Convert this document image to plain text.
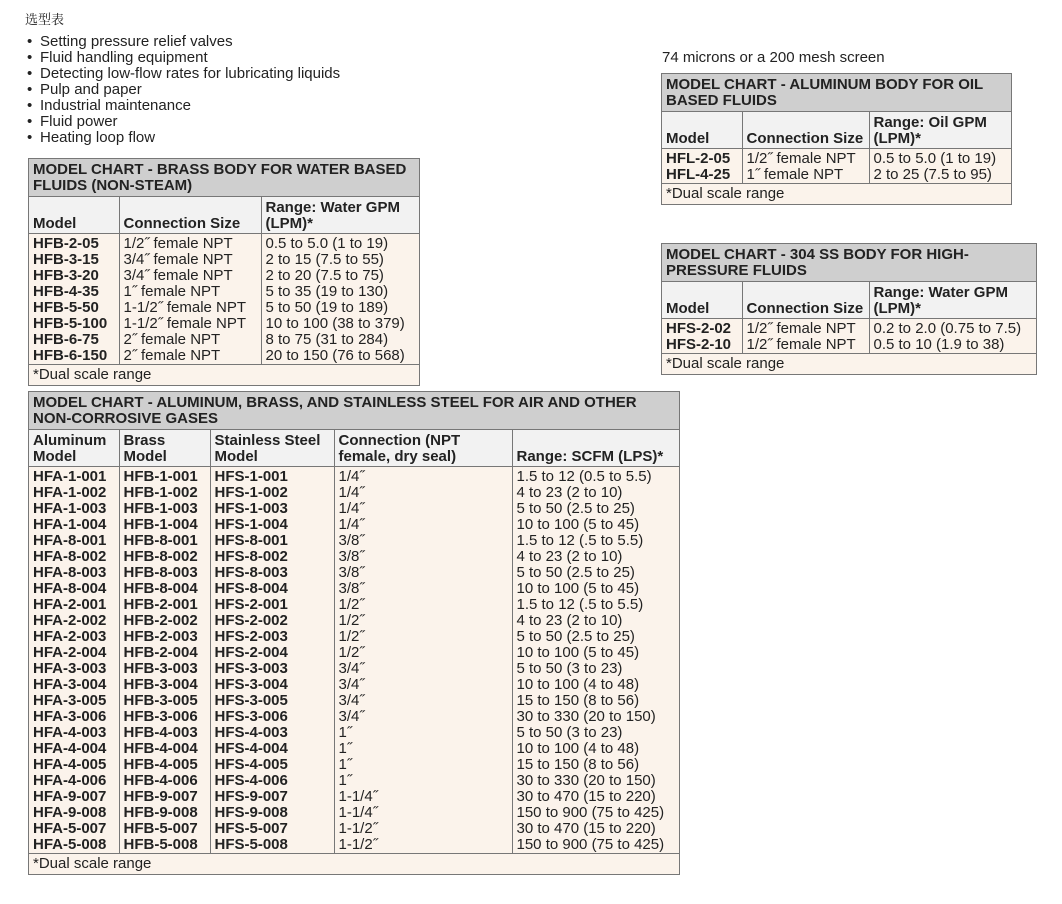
选型表
• Setting pressure relief valves
• Fluid handling equipment
• Detecting low-flow rates for lubricating liquids
• Pulp and paper
• Industrial maintenance
• Fluid power
• Heating loop flow
74 microns or a 200 mesh screen
MODEL CHART - BRASS BODY FOR WATER BASED FLUIDS (NON-STEAM)
Model	Connection Size	Range: Water GPM (LPM)*
HFB-2-05	1/2˝ female NPT	0.5 to 5.0 (1 to 19)
HFB-3-15	3/4˝ female NPT	2 to 15 (7.5 to 55)
HFB-3-20	3/4˝ female NPT	2 to 20 (7.5 to 75)
HFB-4-35	1˝ female NPT	5 to 35 (19 to 130)
HFB-5-50	1-1/2˝ female NPT	5 to 50 (19 to 189)
HFB-5-100	1-1/2˝ female NPT	10 to 100 (38 to 379)
HFB-6-75	2˝ female NPT	8 to 75 (31 to 284)
HFB-6-150	2˝ female NPT	20 to 150 (76 to 568)
*Dual scale range
MODEL CHART - ALUMINUM BODY FOR OIL BASED FLUIDS
Model	Connection Size	Range: Oil GPM (LPM)*
HFL-2-05	1/2˝ female NPT	0.5 to 5.0 (1 to 19)
HFL-4-25	1˝ female NPT	2 to 25 (7.5 to 95)
*Dual scale range
MODEL CHART - 304 SS BODY FOR HIGH-PRESSURE FLUIDS
Model	Connection Size	Range: Water GPM (LPM)*
HFS-2-02	1/2˝ female NPT	0.2 to 2.0 (0.75 to 7.5)
HFS-2-10	1/2˝ female NPT	0.5 to 10 (1.9 to 38)
*Dual scale range
MODEL CHART - ALUMINUM, BRASS, AND STAINLESS STEEL FOR AIR AND OTHER NON-CORROSIVE GASES
Aluminum Model	Brass Model	Stainless Steel Model	Connection (NPT female, dry seal)	Range: SCFM (LPS)*
HFA-1-001	HFB-1-001	HFS-1-001	1/4˝	1.5 to 12 (0.5 to 5.5)
HFA-1-002	HFB-1-002	HFS-1-002	1/4˝	4 to 23 (2 to 10)
HFA-1-003	HFB-1-003	HFS-1-003	1/4˝	5 to 50 (2.5 to 25)
HFA-1-004	HFB-1-004	HFS-1-004	1/4˝	10 to 100 (5 to 45)
HFA-8-001	HFB-8-001	HFS-8-001	3/8˝	1.5 to 12 (.5 to 5.5)
HFA-8-002	HFB-8-002	HFS-8-002	3/8˝	4 to 23 (2 to 10)
HFA-8-003	HFB-8-003	HFS-8-003	3/8˝	5 to 50 (2.5 to 25)
HFA-8-004	HFB-8-004	HFS-8-004	3/8˝	10 to 100 (5 to 45)
HFA-2-001	HFB-2-001	HFS-2-001	1/2˝	1.5 to 12 (.5 to 5.5)
HFA-2-002	HFB-2-002	HFS-2-002	1/2˝	4 to 23 (2 to 10)
HFA-2-003	HFB-2-003	HFS-2-003	1/2˝	5 to 50 (2.5 to 25)
HFA-2-004	HFB-2-004	HFS-2-004	1/2˝	10 to 100 (5 to 45)
HFA-3-003	HFB-3-003	HFS-3-003	3/4˝	5 to 50 (3 to 23)
HFA-3-004	HFB-3-004	HFS-3-004	3/4˝	10 to 100 (4 to 48)
HFA-3-005	HFB-3-005	HFS-3-005	3/4˝	15 to 150 (8 to 56)
HFA-3-006	HFB-3-006	HFS-3-006	3/4˝	30 to 330 (20 to 150)
HFA-4-003	HFB-4-003	HFS-4-003	1˝	5 to 50 (3 to 23)
HFA-4-004	HFB-4-004	HFS-4-004	1˝	10 to 100 (4 to 48)
HFA-4-005	HFB-4-005	HFS-4-005	1˝	15 to 150 (8 to 56)
HFA-4-006	HFB-4-006	HFS-4-006	1˝	30 to 330 (20 to 150)
HFA-9-007	HFB-9-007	HFS-9-007	1-1/4˝	30 to 470 (15 to 220)
HFA-9-008	HFB-9-008	HFS-9-008	1-1/4˝	150 to 900 (75 to 425)
HFA-5-007	HFB-5-007	HFS-5-007	1-1/2˝	30 to 470 (15 to 220)
HFA-5-008	HFB-5-008	HFS-5-008	1-1/2˝	150 to 900 (75 to 425)
*Dual scale range
